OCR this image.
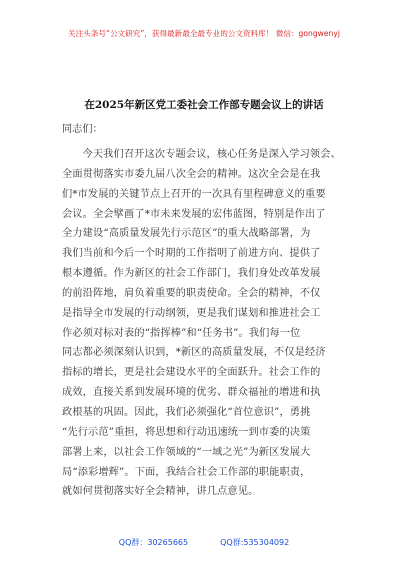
关注头条号“公文研究”，获得最新最全最专业的公文资料库！ 微信：gongwenyj
在2025年新区党工委社会工作部专题会议上的讲话
同志们：
今天我们召开这次专题会议，核心任务是深入学习领会、
全面贯彻落实市委九届八次全会的精神。这次全会是在我
们*市发展的关键节点上召开的一次具有里程碑意义的重要
会议。全会擘画了*市未来发展的宏伟蓝图，特别是作出了
全力建设“高质量发展先行示范区”的重大战略部署，为
我们当前和今后一个时期的工作指明了前进方向、提供了
根本遵循。作为新区的社会工作部门，我们身处改革发展
的前沿阵地，肩负着重要的职责使命。全会的精神，不仅
是指导全市发展的行动纲领，更是我们谋划和推进社会工
作必须对标对表的“指挥棒”和“任务书”。我们每一位
同志都必须深刻认识到，*新区的高质量发展，不仅是经济
指标的增长，更是社会建设水平的全面跃升。社会工作的
成效，直接关系到发展环境的优劣、群众福祉的增进和执
政根基的巩固。因此，我们必须强化“首位意识”，勇挑
“先行示范”重担，将思想和行动迅速统一到市委的决策
部署上来，以社会工作领域的“一域之光”为新区发展大
局“添彩增辉”。下面，我结合社会工作部的职能职责，
就如何贯彻落实好全会精神，讲几点意见。
QQ群：30265665	QQ群:535304092
